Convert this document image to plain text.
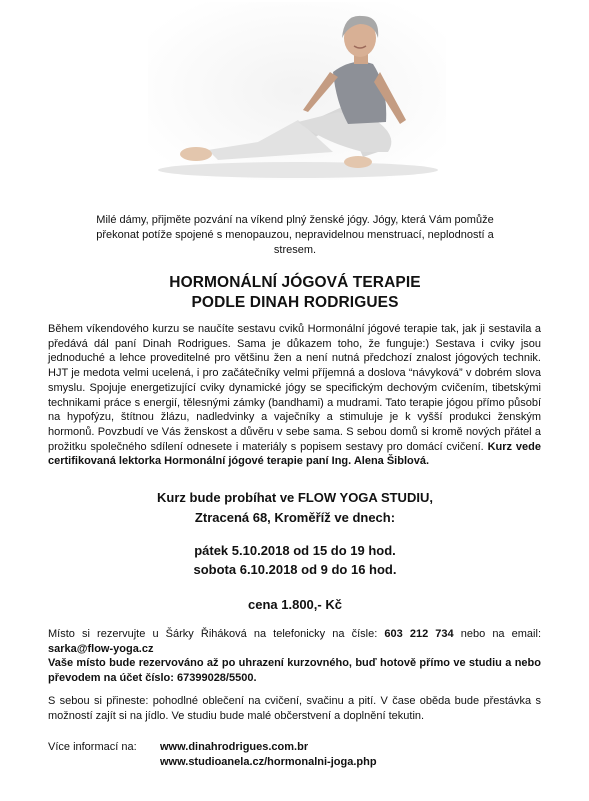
Milé dámy, přijměte pozvání na víkend plný ženské jógy. Jógy, která Vám pomůže překonat potíže spojené s menopauzou, nepravidelnou menstruací, neplodností a stresem.
HORMONÁLNÍ JÓGOVÁ TERAPIE
PODLE DINAH RODRIGUES
Během víkendového kurzu se naučíte sestavu cviků Hormonální jógové terapie tak, jak ji sestavila a předává dál paní Dinah Rodrigues. Sama je důkazem toho, že funguje:) Sestava i cviky jsou jednoduché a lehce proveditelné pro většinu žen a není nutná předchozí znalost jógových technik. HJT je medota velmi ucelená, i pro začátečníky velmi příjemná a doslova “návyková” v dobrém slova smyslu. Spojuje energetizující cviky dynamické jógy se specifickým dechovým cvičením, tibetskými technikami práce s energií, tělesnými zámky (bandhami) a mudrami. Tato terapie jógou přímo působí na hypofýzu, štítnou žlázu, nadledvinky a vaječníky a stimuluje je k vyšší produkci ženským hormonů. Povzbudí ve Vás ženskost a důvěru v sebe sama. S sebou domů si kromě nových přátel a prožitku společného sdílení odnesete i materiály s popisem sestavy pro domácí cvičení. Kurz vede certifikovaná lektorka Hormonální jógové terapie paní Ing. Alena Šiblová.
Kurz bude probíhat ve FLOW YOGA STUDIU,
Ztracená 68, Kroměříž ve dnech:
pátek 5.10.2018 od 15 do 19 hod.
sobota 6.10.2018 od 9 do 16 hod.
cena 1.800,- Kč
Místo si rezervujte u Šárky Řiháková na telefonicky na čísle: 603 212 734 nebo na email: sarka@flow-yoga.cz
Vaše místo bude rezervováno až po uhrazení kurzovného, buď hotově přímo ve studiu a nebo převodem na účet číslo: 67399028/5500.
S sebou si přineste: pohodlné oblečení na cvičení, svačinu a pití. V čase oběda bude přestávka s možností zajít si na jídlo. Ve studiu bude malé občerstvení a doplnění tekutin.
Více informací na: www.dinahrodrigues.com.br
www.studioanela.cz/hormonalni-joga.php
